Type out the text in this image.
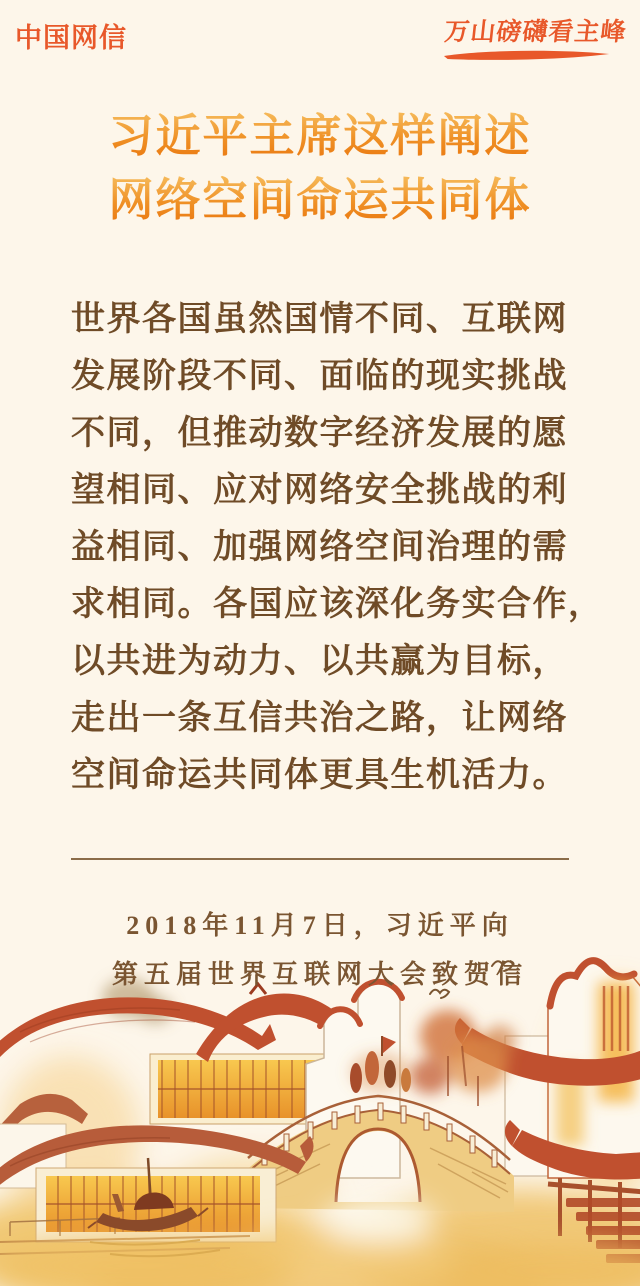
中国网信	万山磅礴看主峰
习近平主席这样阐述
网络空间命运共同体
世界各国虽然国情不同、互联网
发展阶段不同、面临的现实挑战
不同，但推动数字经济发展的愿
望相同、应对网络安全挑战的利
益相同、加强网络空间治理的需
求相同。各国应该深化务实合作，
以共进为动力、以共赢为目标，
走出一条互信共治之路，让网络
空间命运共同体更具生机活力。
2018年11月7日，习近平向
第五届世界互联网大会致贺信
